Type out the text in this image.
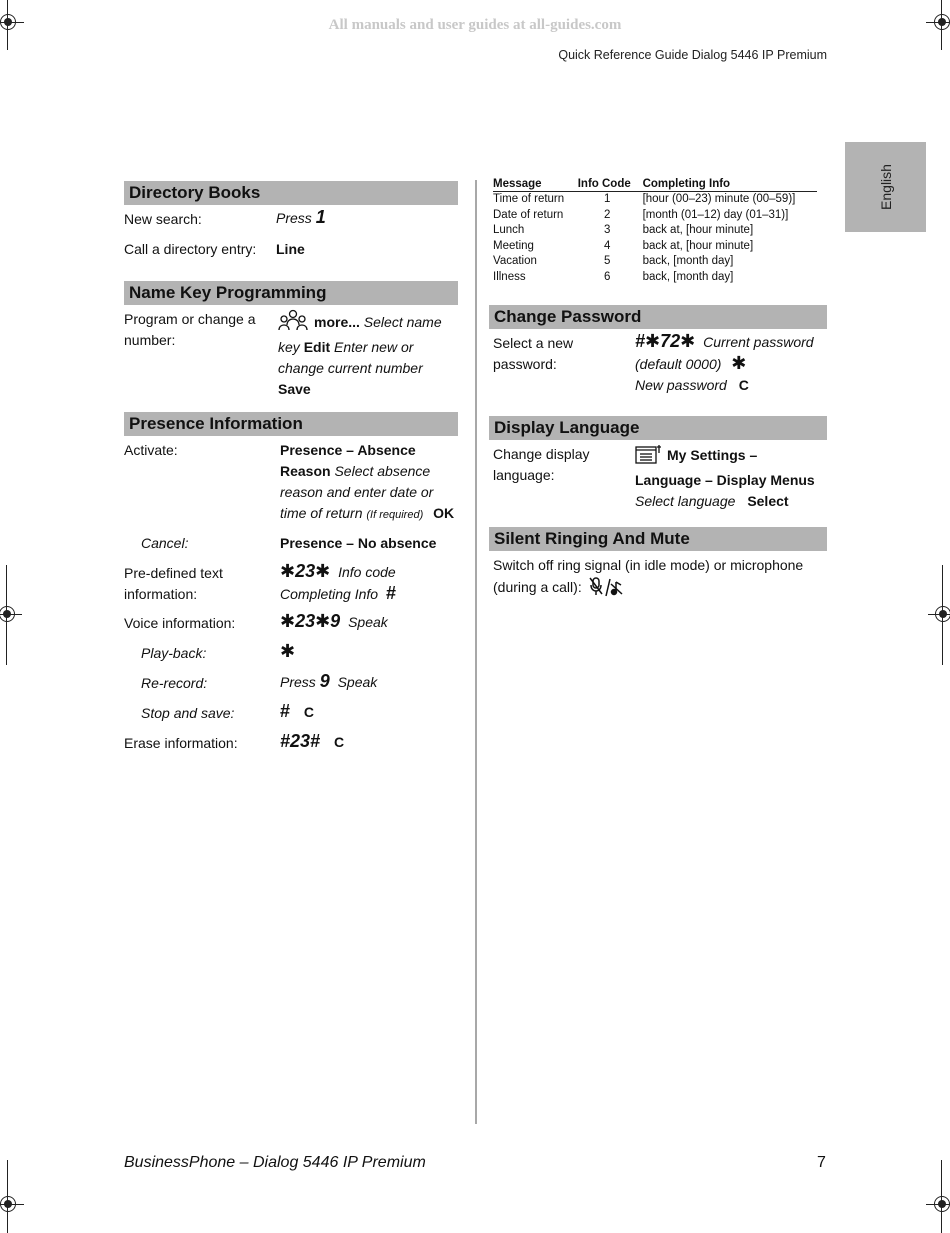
All manuals and user guides at all-guides.com
Quick Reference Guide Dialog 5446 IP Premium
English
Directory Books
New search:	Press 1
Call a directory entry: Line
Name Key Programming
Program or change a number:
more... Select name key Edit Enter new or change current number
Save
Presence Information
Activate:	Presence – Absence Reason Select absence reason and enter date or time of return (If required) OK
Cancel:	Presence – No absence
Pre-defined text information:
✱23✱ Info code
Completing Info #
Voice information: ✱23✱9 Speak
Play-back:	✱
Re-record:	Press 9 Speak
Stop and save:	# C
Erase information: #23# C
Message	Info Code	Completing Info
Time of return	1	[hour (00–23) minute (00–59)]
Date of return	2	[month (01–12) day (01–31)]
Lunch	3	back at, [hour minute]
Meeting	4	back at, [hour minute]
Vacation	5	back, [month day]
Illness	6	back, [month day]
Change Password
Select a new password:
#✱72✱ Current password (default 0000) ✱
New password C
Display Language
Change display language:
My Settings – Language – Display Menus
Select language Select
Silent Ringing And Mute
Switch off ring signal (in idle mode) or microphone (during a call):
BusinessPhone – Dialog 5446 IP Premium	7
